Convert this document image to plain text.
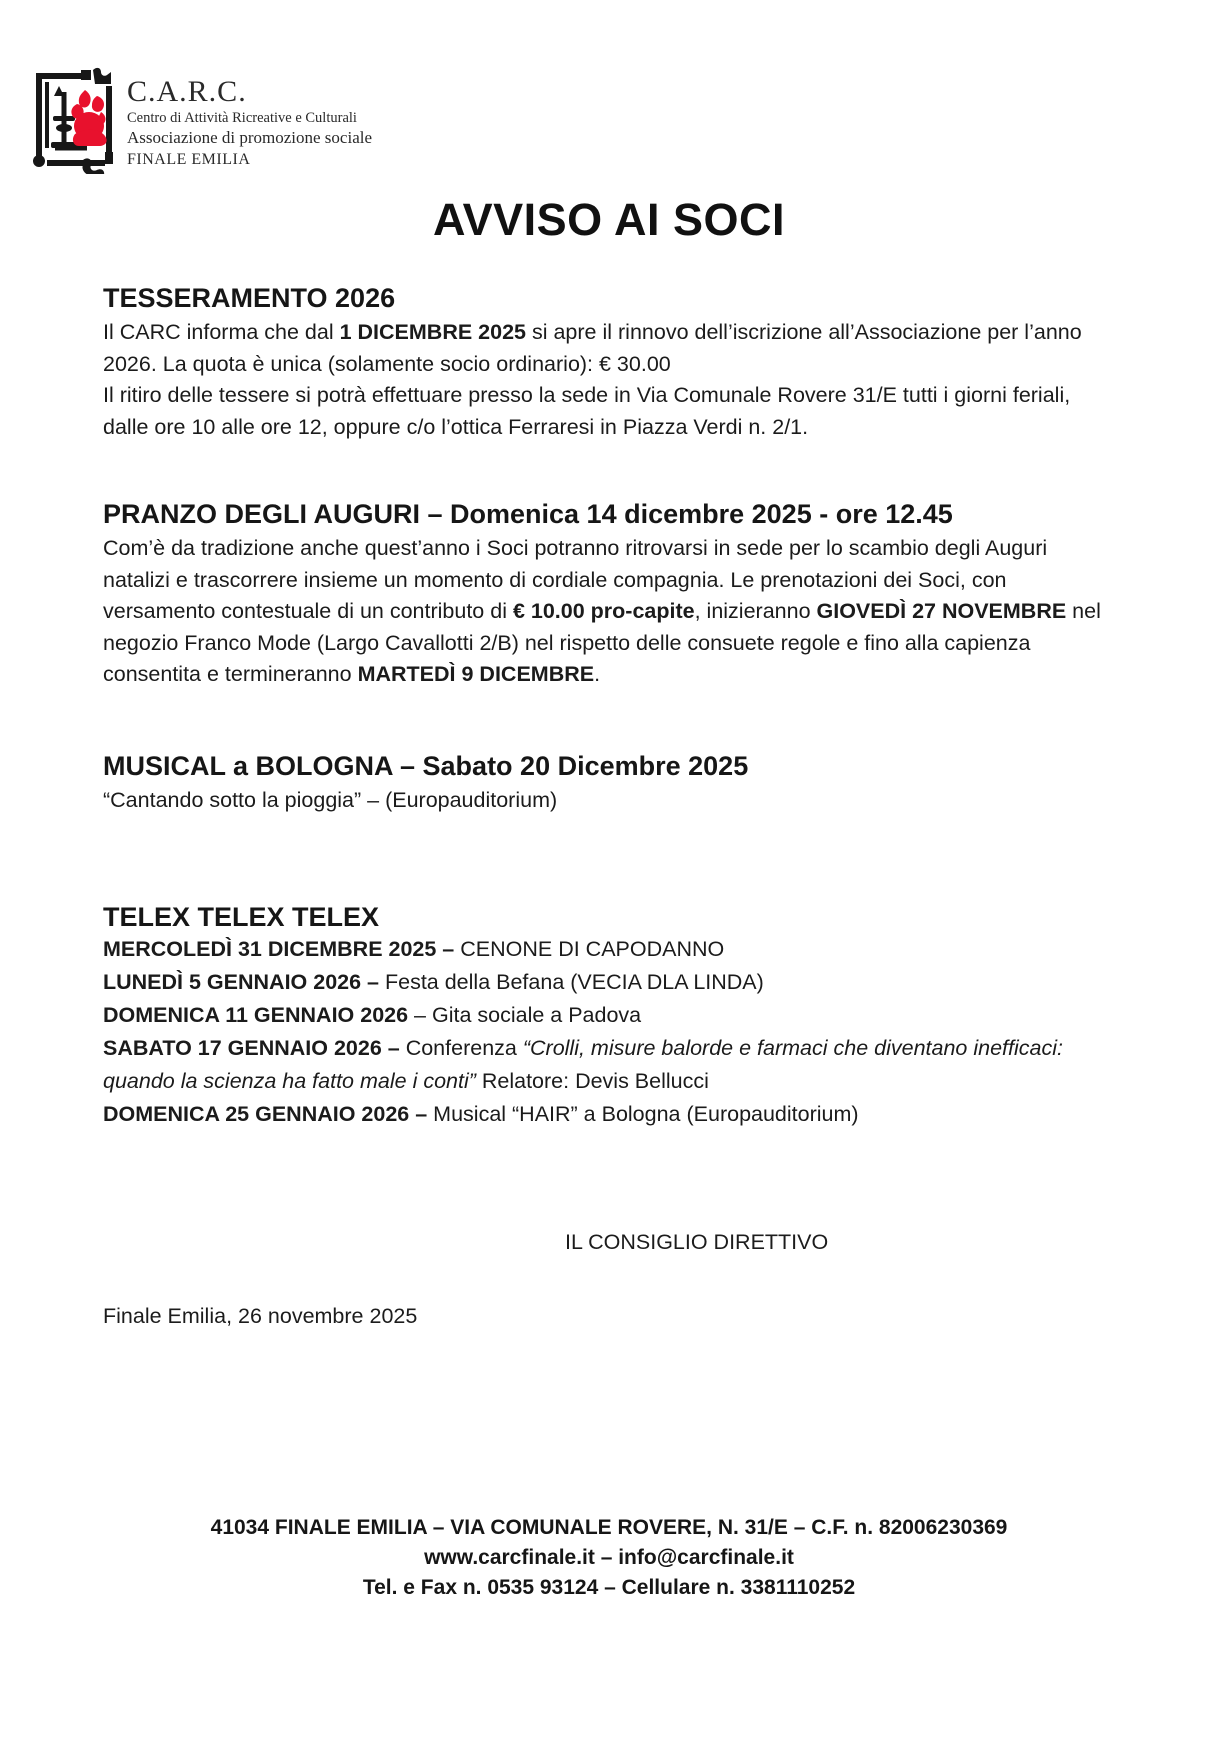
C.A.R.C.
Centro di Attività Ricreative e Culturali
Associazione di promozione sociale
FINALE EMILIA
AVVISO AI SOCI
TESSERAMENTO 2026

Il CARC informa che dal 1 DICEMBRE 2025 si apre il rinnovo dell’iscrizione all’Associazione per l’anno 2026. La quota è unica (solamente socio ordinario): € 30.00

Il ritiro delle tessere si potrà effettuare presso la sede in Via Comunale Rovere 31/E tutti i giorni feriali, dalle ore 10 alle ore 12, oppure c/o l’ottica Ferraresi in Piazza Verdi n. 2/1.

PRANZO DEGLI AUGURI – Domenica 14 dicembre 2025 - ore 12.45

Com’è da tradizione anche quest’anno i Soci potranno ritrovarsi in sede per lo scambio degli Auguri natalizi e trascorrere insieme un momento di cordiale compagnia. Le prenotazioni dei Soci, con versamento contestuale di un contributo di € 10.00 pro-capite, inizieranno GIOVEDÌ 27 NOVEMBRE nel negozio Franco Mode (Largo Cavallotti 2/B) nel rispetto delle consuete regole e fino alla capienza consentita e termineranno MARTEDÌ 9 DICEMBRE.

MUSICAL a BOLOGNA – Sabato 20 Dicembre 2025

“Cantando sotto la pioggia” – (Europauditorium)

TELEX TELEX TELEX

MERCOLEDÌ 31 DICEMBRE 2025 – CENONE DI CAPODANNO

LUNEDÌ 5 GENNAIO 2026 – Festa della Befana (VECIA DLA LINDA)

DOMENICA 11 GENNAIO 2026 – Gita sociale a Padova

SABATO 17 GENNAIO 2026 – Conferenza “Crolli, misure balorde e farmaci che diventano inefficaci: quando la scienza ha fatto male i conti” Relatore: Devis Bellucci

DOMENICA 25 GENNAIO 2026 – Musical “HAIR” a Bologna (Europauditorium)

IL CONSIGLIO DIRETTIVO
Finale Emilia, 26 novembre 2025
41034 FINALE EMILIA – VIA COMUNALE ROVERE, N. 31/E – C.F. n. 82006230369
www.carcfinale.it – info@carcfinale.it
Tel. e Fax n. 0535 93124 – Cellulare n. 3381110252
